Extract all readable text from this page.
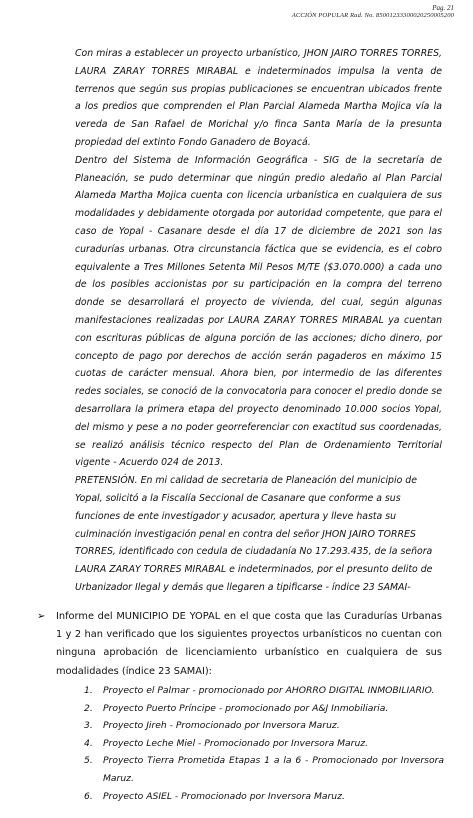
Pag. 21
ACCIÓN POPULAR Rad. No. 85001233300020250005200

Con miras a establecer un proyecto urbanístico, JHON JAIRO TORRES TORRES, LAURA ZARAY TORRES MIRABAL e indeterminados impulsa la venta de terrenos que según sus propias publicaciones se encuentran ubicados frente a los predios que comprenden el Plan Parcial Alameda Martha Mojica vía la vereda de San Rafael de Morichal y/o finca Santa María de la presunta propiedad del extinto Fondo Ganadero de Boyacá.

Dentro del Sistema de Información Geográfica - SIG de la secretaría de Planeación, se pudo determinar que ningún predio aledaño al Plan Parcial Alameda Martha Mojica cuenta con licencia urbanística en cualquiera de sus modalidades y debidamente otorgada por autoridad competente, que para el caso de Yopal - Casanare desde el día 17 de diciembre de 2021 son las curadurías urbanas. Otra circunstancia fáctica que se evidencia, es el cobro equivalente a Tres Millones Setenta Mil Pesos M/TE ($3.070.000) a cada uno de los posibles accionistas por su participación en la compra del terreno donde se desarrollará el proyecto de vivienda, del cual, según algunas manifestaciones realizadas por LAURA ZARAY TORRES MIRABAL ya cuentan con escrituras públicas de alguna porción de las acciones; dicho dinero, por concepto de pago por derechos de acción serán pagaderos en máximo 15 cuotas de carácter mensual. Ahora bien, por intermedio de las diferentes redes sociales, se conoció de la convocatoria para conocer el predio donde se desarrollara la primera etapa del proyecto denominado 10.000 socios Yopal, del mismo y pese a no poder georreferenciar con exactitud sus coordenadas, se realizó análisis técnico respecto del Plan de Ordenamiento Territorial vigente - Acuerdo 024 de 2013.

PRETENSIÓN. En mi calidad de secretaria de Planeación del municipio de Yopal, solicitó a la Fiscalía Seccional de Casanare que conforme a sus funciones de ente investigador y acusador, apertura y lleve hasta su culminación investigación penal en contra del señor JHON JAIRO TORRES TORRES, identificado con cedula de ciudadanía No 17.293.435, de la señora LAURA ZARAY TORRES MIRABAL e indeterminados, por el presunto delito de Urbanizador Ilegal y demás que llegaren a tipificarse - índice 23 SAMAI-

➢ Informe del MUNICIPIO DE YOPAL en el que costa que las Curadurías Urbanas 1 y 2 han verificado que los siguientes proyectos urbanísticos no cuentan con ninguna aprobación de licenciamiento urbanístico en cualquiera de sus modalidades (índice 23 SAMAI):
1. Proyecto el Palmar - promocionado por AHORRO DIGITAL INMOBILIARIO.
2. Proyecto Puerto Príncipe - promocionado por A&J Inmobiliaria.
3. Proyecto Jireh - Promocionado por Inversora Maruz.
4. Proyecto Leche Miel - Promocionado por Inversora Maruz.
5. Proyecto Tierra Prometida Etapas 1 a la 6 - Promocionado por Inversora Maruz.
6. Proyecto ASIEL - Promocionado por Inversora Maruz.
